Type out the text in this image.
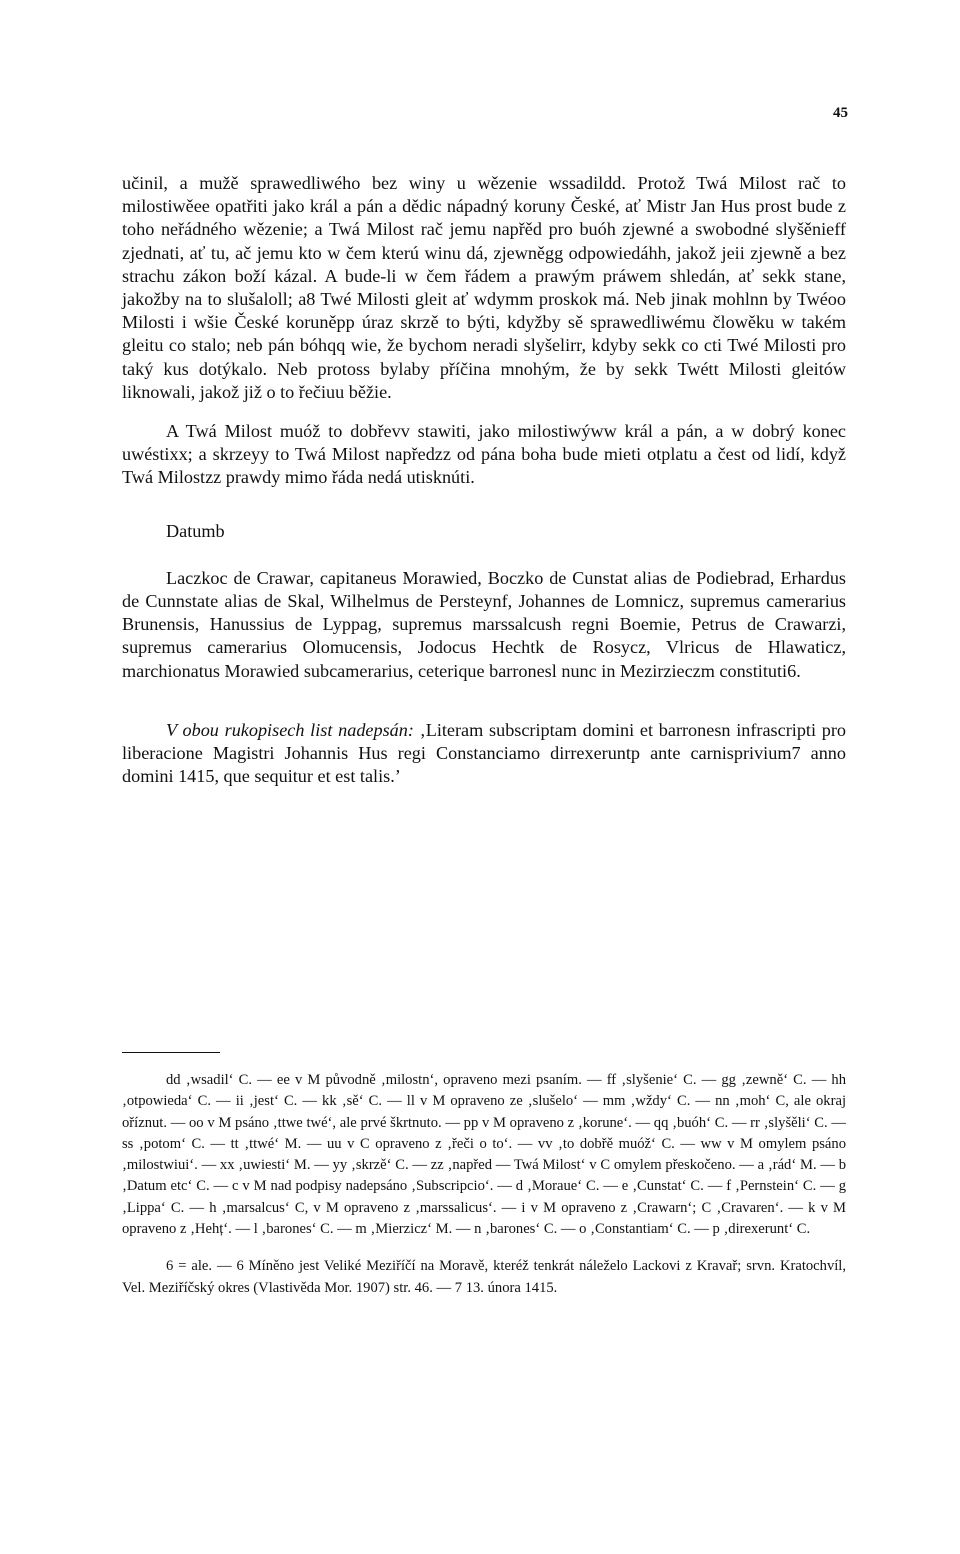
45

učinil, a mužě sprawedliwého bez winy u wězenie wssadildd. Protož Twá Milost rač to milostiwěee opatřiti jako král a pán a dědic nápadný koruny České, ať Mistr Jan Hus prost bude z toho neřádného wězenie; a Twá Milost rač jemu napřěd pro buóh zjewné a swobodné slyšěnieff zjednati, ať tu, ač jemu kto w čem kterú winu dá, zjewněgg odpowiedáhh, jakož jeii zjewně a bez strachu zákon boží kázal. A bude-li w čem řádem a prawým práwem shledán, ať sekk stane, jakožby na to slušaloll; a8 Twé Milosti gleit ať wdymm proskok má. Neb jinak mohlnn by Twéoo Milosti i wšie České koruněpp úraz skrzě to býti, kdyžby sě sprawedliwému člowěku w takém gleitu co stalo; neb pán bóhqq wie, že bychom neradi slyšelirr, kdyby sekk co cti Twé Milosti pro taký kus dotýkalo. Neb protoss bylaby příčina mnohým, že by sekk Twétt Milosti gleitów liknowali, jakož již o to řečiuu běžie.

A Twá Milost muóž to dobřevv stawiti, jako milostiwýww král a pán, a w dobrý konec uwéstixx; a skrzeyy to Twá Milost napředzz od pána boha bude mieti otplatu a čest od lidí, když Twá Milostzz prawdy mimo řáda nedá utisknúti.

Datumb

Laczkoc de Crawar, capitaneus Morawied, Boczko de Cunstat alias de Podiebrad, Erhardus de Cunnstate alias de Skal, Wilhelmus de Persteynf, Johannes de Lomnicz, supremus camerarius Brunensis, Hanussius de Lyppag, supremus marssalcush regni Boemie, Petrus de Crawarzi, supremus camerarius Olomucensis, Jodocus Hechtk de Rosycz, Vlricus de Hlawaticz, marchionatus Morawied subcamerarius, ceterique barronesl nunc in Mezirzieczm constituti6.

V obou rukopisech list nadepsán: ‚Literam subscriptam domini et barronesn infrascripti pro liberacione Magistri Johannis Hus regi Constanciamo dirrexeruntp ante carnisprivium7 anno domini 1415, que sequitur et est talis.’

dd ‚wsadil‘ C. — ee v M původně ‚milostn‘, opraveno mezi psaním. — ff ‚slyšenie‘ C. — gg ‚zewně‘ C. — hh ‚otpowieda‘ C. — ii ‚jest‘ C. — kk ‚sě‘ C. — ll v M opraveno ze ‚slušelo‘ — mm ‚wždy‘ C. — nn ‚moh‘ C, ale okraj oříznut. — oo v M psáno ‚ttwe twé‘, ale prvé škrtnuto. — pp v M opraveno z ‚korune‘. — qq ‚buóh‘ C. — rr ‚slyšěli‘ C. — ss ‚potom‘ C. — tt ‚ttwé‘ M. — uu v C opraveno z ‚řeči o to‘. — vv ‚to dobřě muóž‘ C. — ww v M omylem psáno ‚milostwiui‘. — xx ‚uwiesti‘ M. — yy ‚skrzě‘ C. — zz ‚napřed — Twá Milost‘ v C omylem přeskočeno. — a ‚rád‘ M. — b ‚Datum etc‘ C. — c v M nad podpisy nadepsáno ‚Subscripcio‘. — d ‚Moraue‘ C. — e ‚Cunstat‘ C. — f ‚Pernstein‘ C. — g ‚Lippa‘ C. — h ‚marsalcus‘ C, v M opraveno z ‚marssalicus‘. — i v M opraveno z ‚Crawarn‘; C ‚Cravaren‘. — k v M opraveno z ‚Hehț‘. — l ‚barones‘ C. — m ‚Mierzicz‘ M. — n ‚barones‘ C. — o ‚Constantiam‘ C. — p ‚direxerunt‘ C.

6 = ale. — 6 Míněno jest Veliké Meziříčí na Moravě, kteréž tenkrát náleželo Lackovi z Kravař; srvn. Kratochvíl, Vel. Meziříčský okres (Vlastivěda Mor. 1907) str. 46. — 7 13. února 1415.
